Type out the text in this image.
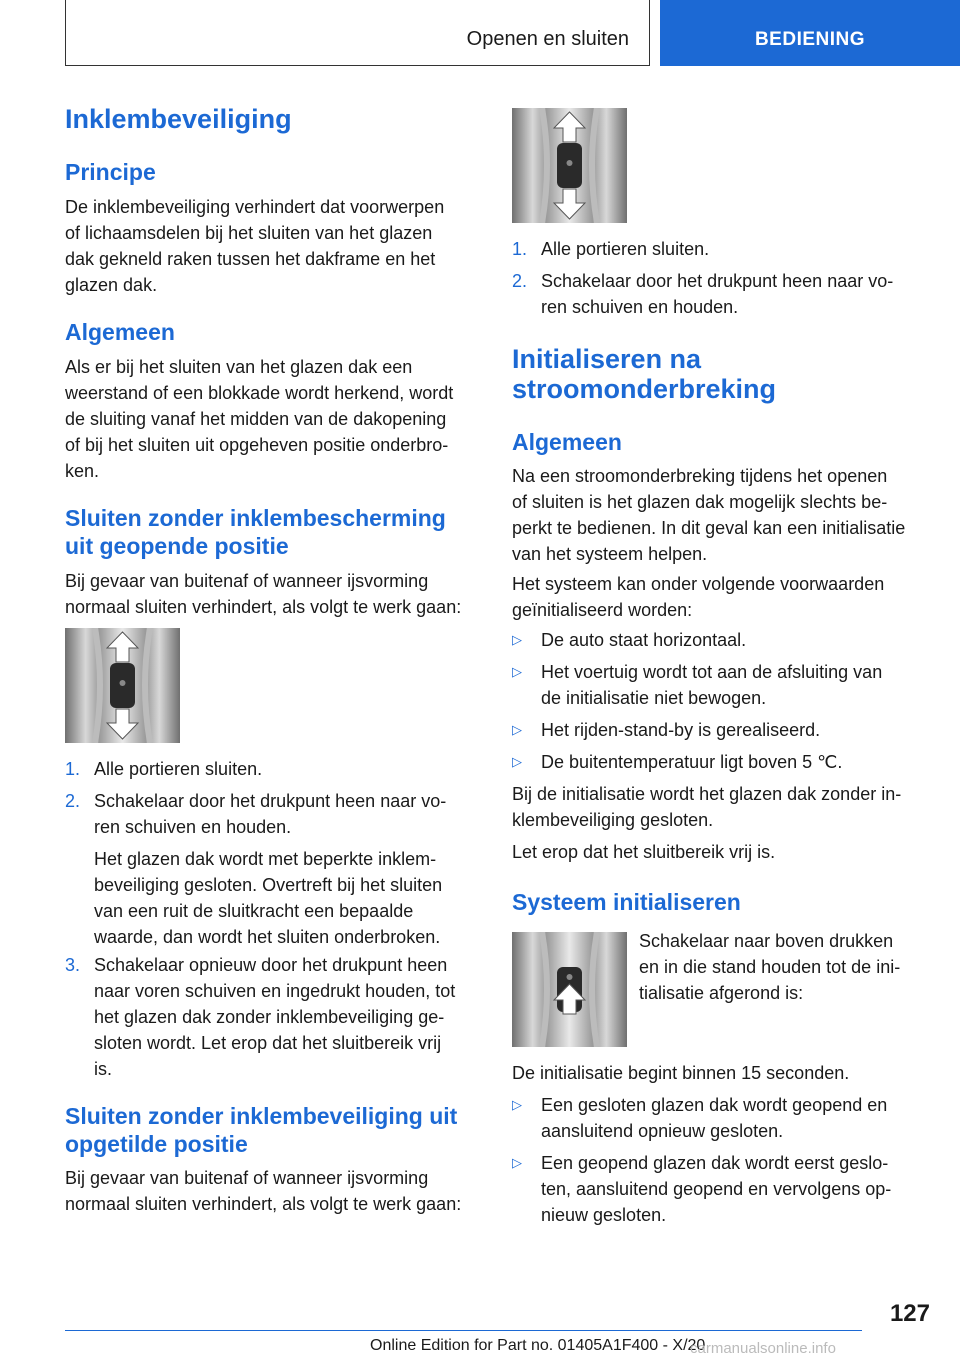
Openen en sluiten	BEDIENING
Inklembeveiliging
Principe
De inklembeveiliging verhindert dat voorwerpen
of lichaamsdelen bij het sluiten van het glazen
dak gekneld raken tussen het dakframe en het
glazen dak.
Algemeen
Als er bij het sluiten van het glazen dak een
weerstand of een blokkade wordt herkend, wordt
de sluiting vanaf het midden van de dakopening
of bij het sluiten uit opgeheven positie onderbro-
ken.
Sluiten zonder inklembescherming
uit geopende positie
Bij gevaar van buitenaf of wanneer ijsvorming
normaal sluiten verhindert, als volgt te werk gaan:
1. Alle portieren sluiten.
2. Schakelaar door het drukpunt heen naar vo-
ren schuiven en houden.
Het glazen dak wordt met beperkte inklem-
beveiliging gesloten. Overtreft bij het sluiten
van een ruit de sluitkracht een bepaalde
waarde, dan wordt het sluiten onderbroken.
3. Schakelaar opnieuw door het drukpunt heen
naar voren schuiven en ingedrukt houden, tot
het glazen dak zonder inklembeveiliging ge-
sloten wordt. Let erop dat het sluitbereik vrij
is.
Sluiten zonder inklembeveiliging uit
opgetilde positie
Bij gevaar van buitenaf of wanneer ijsvorming
normaal sluiten verhindert, als volgt te werk gaan:
1. Alle portieren sluiten.
2. Schakelaar door het drukpunt heen naar vo-
ren schuiven en houden.
Initialiseren na
stroomonderbreking
Algemeen
Na een stroomonderbreking tijdens het openen
of sluiten is het glazen dak mogelijk slechts be-
perkt te bedienen. In dit geval kan een initialisatie
van het systeem helpen.
Het systeem kan onder volgende voorwaarden
geïnitialiseerd worden:
▷ De auto staat horizontaal.
▷ Het voertuig wordt tot aan de afsluiting van
de initialisatie niet bewogen.
▷ Het rijden-stand-by is gerealiseerd.
▷ De buitentemperatuur ligt boven 5 ℃.
Bij de initialisatie wordt het glazen dak zonder in-
klembeveiliging gesloten.
Let erop dat het sluitbereik vrij is.
Systeem initialiseren
Schakelaar naar boven drukken
en in die stand houden tot de ini-
tialisatie afgerond is:
De initialisatie begint binnen 15 seconden.
▷ Een gesloten glazen dak wordt geopend en
aansluitend opnieuw gesloten.
▷ Een geopend glazen dak wordt eerst geslo-
ten, aansluitend geopend en vervolgens op-
nieuw gesloten.
127
Online Edition for Part no. 01405A1F400 - X/20
carmanualsonline.info
